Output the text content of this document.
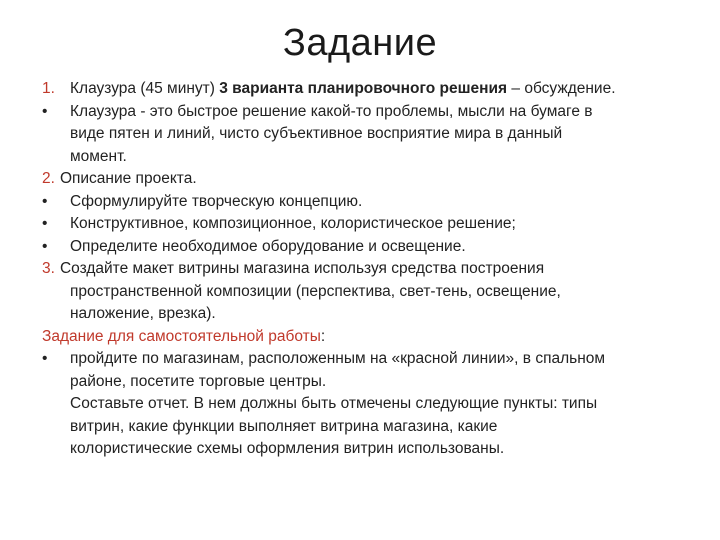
Задание
1. Клаузура (45 минут) 3 варианта планировочного решения – обсуждение.
•	Клаузура - это быстрое решение какой-то проблемы, мысли на бумаге в
виде пятен и линий, чисто субъективное восприятие мира в данный
момент.
2. Описание проекта.
•	Сформулируйте творческую концепцию.
•	Конструктивное, композиционное, колористическое решение;
•	Определите необходимое оборудование и освещение.
3. Создайте макет витрины магазина используя средства построения
пространственной композиции (перспектива, свет-тень, освещение,
наложение, врезка).
Задание для самостоятельной работы:
•	пройдите по магазинам, расположенным на «красной линии», в спальном
районе, посетите торговые центры.
Составьте отчет. В нем должны быть отмечены следующие пункты: типы
витрин, какие функции выполняет витрина магазина, какие
колористические схемы оформления витрин использованы.
